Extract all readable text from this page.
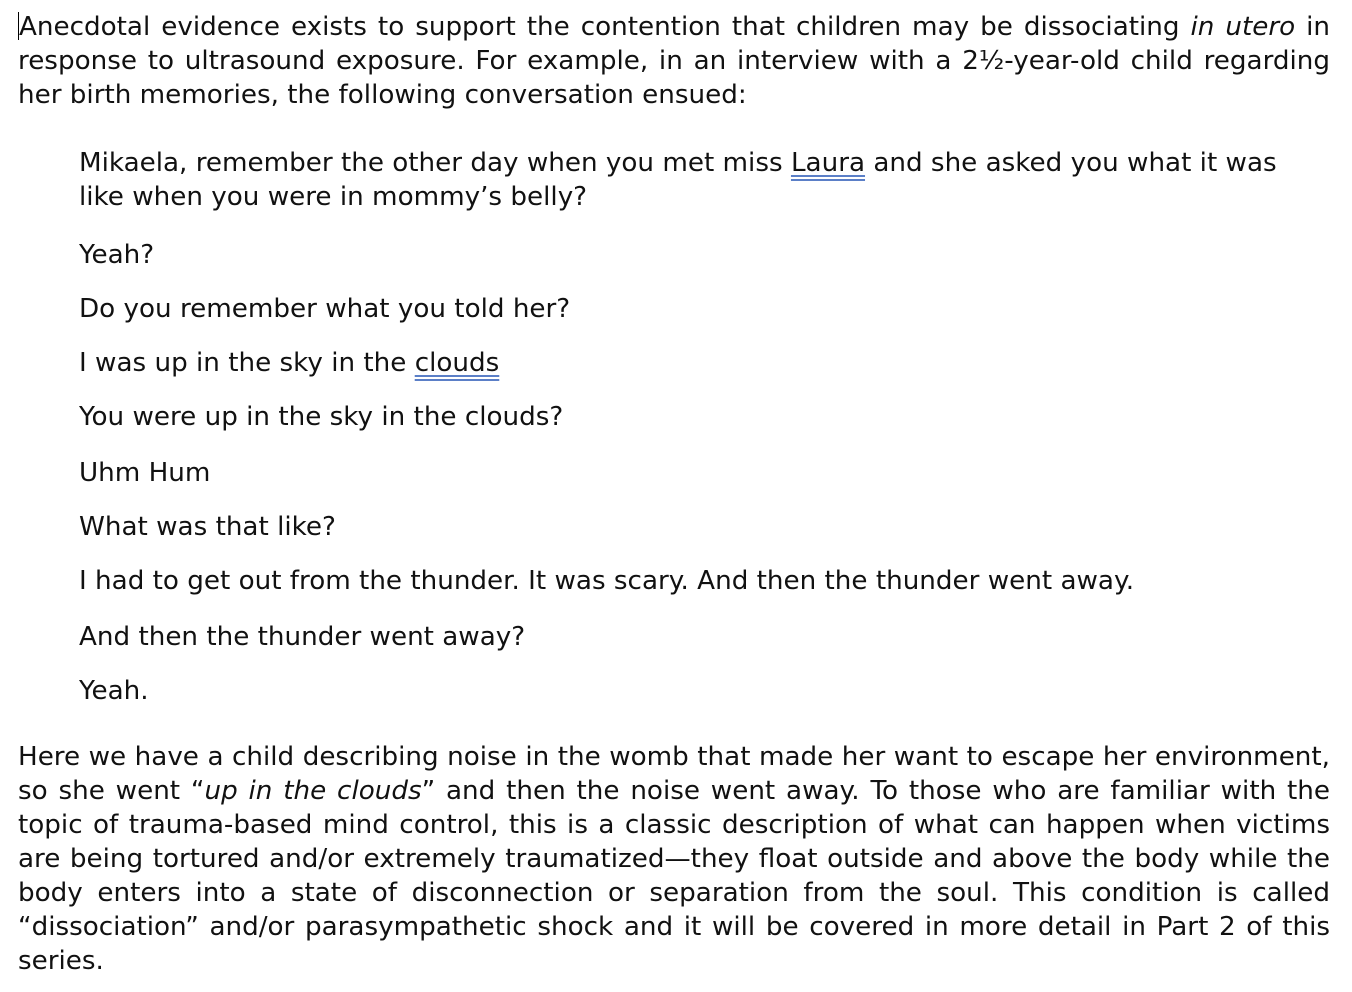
Anecdotal evidence exists to support the contention that children may be dissociating in utero in response to ultrasound exposure. For example, in an interview with a 2½-year-old child regarding her birth memories, the following conversation ensued:

Mikaela, remember the other day when you met miss Laura and she asked you what it was like when you were in mommy’s belly?

Yeah?

Do you remember what you told her?

I was up in the sky in the clouds

You were up in the sky in the clouds?

Uhm Hum

What was that like?

I had to get out from the thunder. It was scary. And then the thunder went away.

And then the thunder went away?

Yeah.

Here we have a child describing noise in the womb that made her want to escape her environment, so she went “up in the clouds” and then the noise went away. To those who are familiar with the topic of trauma-based mind control, this is a classic description of what can happen when victims are being tortured and/or extremely traumatized—they float outside and above the body while the body enters into a state of disconnection or separation from the soul. This condition is called “dissociation” and/or parasympathetic shock and it will be covered in more detail in Part 2 of this series.
